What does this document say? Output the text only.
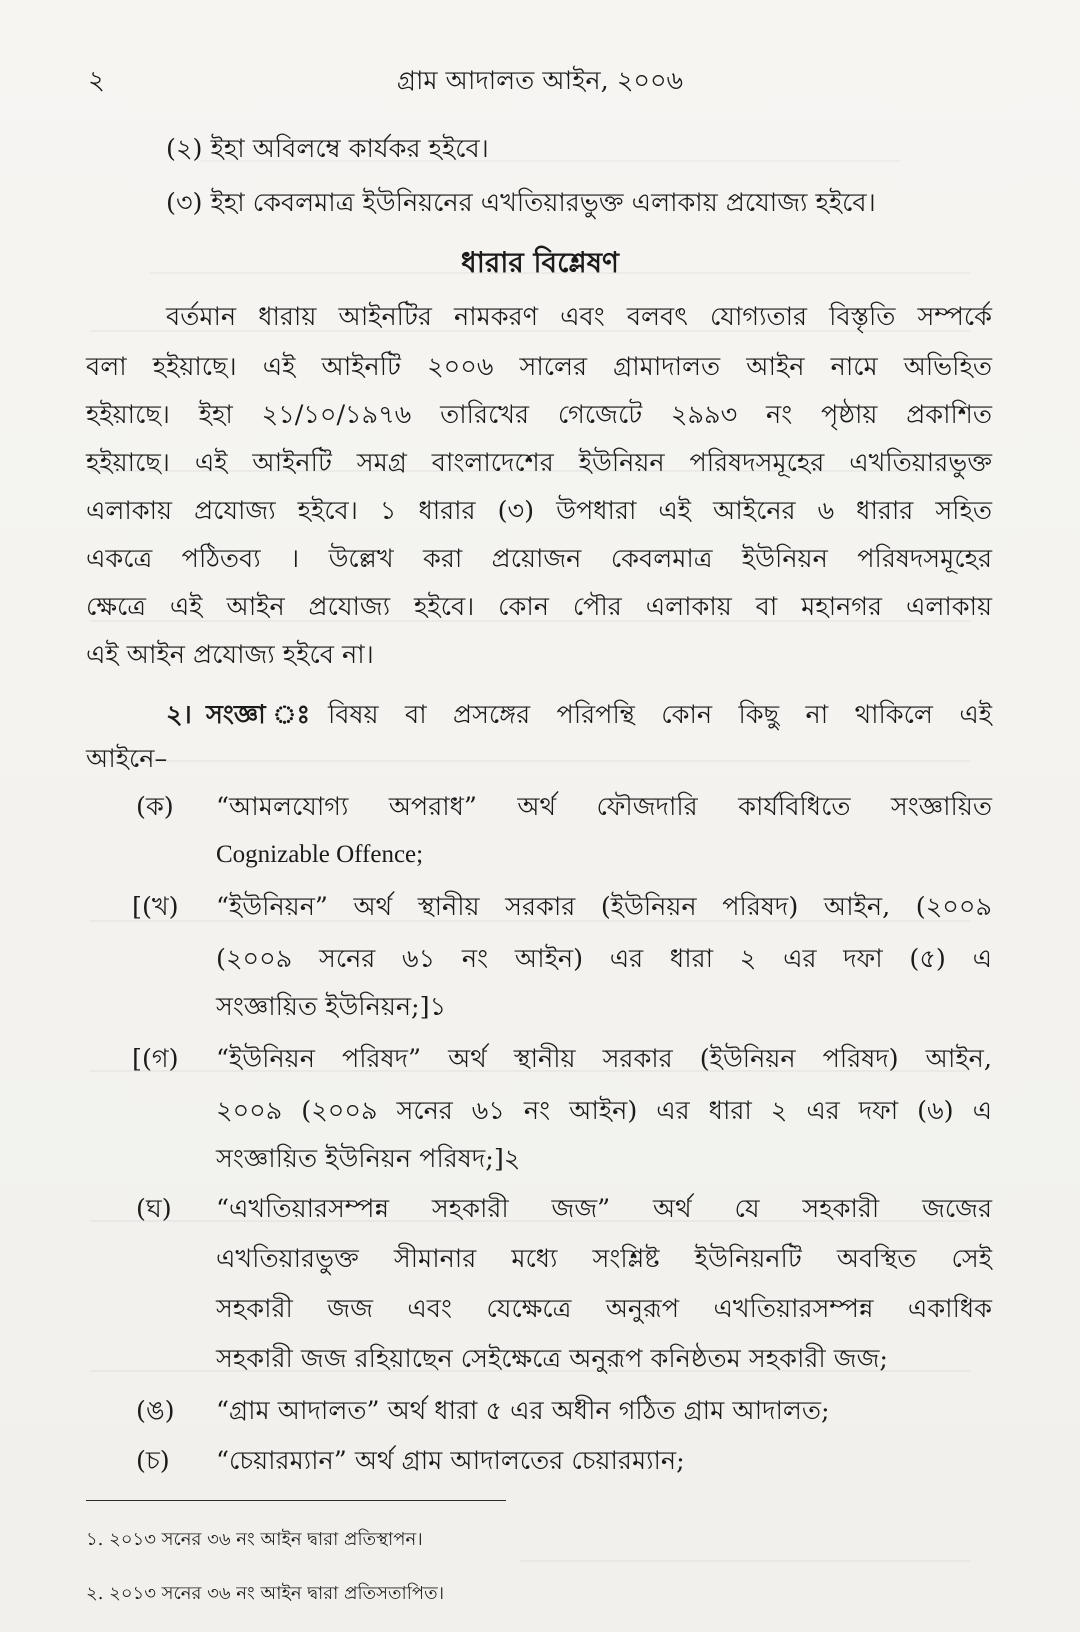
২	গ্রাম আদালত আইন, ২০০৬
(২) ইহা অবিলম্বে কার্যকর হইবে।
(৩) ইহা কেবলমাত্র ইউনিয়নের এখতিয়ারভুক্ত এলাকায় প্রযোজ্য হইবে।
ধারার বিশ্লেষণ
বর্তমান ধারায় আইনটির নামকরণ এবং বলবৎ যোগ্যতার বিস্তৃতি সম্পর্কে
বলা হইয়াছে। এই আইনটি ২০০৬ সালের গ্রামাদালত আইন নামে অভিহিত
হইয়াছে। ইহা ২১/১০/১৯৭৬ তারিখের গেজেটে ২৯৯৩ নং পৃষ্ঠায় প্রকাশিত
হইয়াছে। এই আইনটি সমগ্র বাংলাদেশের ইউনিয়ন পরিষদসমূহের এখতিয়ারভুক্ত
এলাকায় প্রযোজ্য হইবে। ১ ধারার (৩) উপধারা এই আইনের ৬ ধারার সহিত
একত্রে পঠিতব্য । উল্লেখ করা প্রয়োজন কেবলমাত্র ইউনিয়ন পরিষদসমূহের
ক্ষেত্রে এই আইন প্রযোজ্য হইবে। কোন পৌর এলাকায় বা মহানগর এলাকায়
এই আইন প্রযোজ্য হইবে না।
২। সংজ্ঞা ঃ বিষয় বা প্রসঙ্গের পরিপন্থি কোন কিছু না থাকিলে এই
আইনে–
(ক) “আমলযোগ্য অপরাধ” অর্থ ফৌজদারি কার্যবিধিতে সংজ্ঞায়িত
Cognizable Offence;
[(খ) “ইউনিয়ন” অর্থ স্থানীয় সরকার (ইউনিয়ন পরিষদ) আইন, (২০০৯
(২০০৯ সনের ৬১ নং আইন) এর ধারা ২ এর দফা (৫) এ
সংজ্ঞায়িত ইউনিয়ন;]১
[(গ) “ইউনিয়ন পরিষদ” অর্থ স্থানীয় সরকার (ইউনিয়ন পরিষদ) আইন,
২০০৯ (২০০৯ সনের ৬১ নং আইন) এর ধারা ২ এর দফা (৬) এ
সংজ্ঞায়িত ইউনিয়ন পরিষদ;]২
(ঘ) “এখতিয়ারসম্পন্ন সহকারী জজ” অর্থ যে সহকারী জজের
এখতিয়ারভুক্ত সীমানার মধ্যে সংশ্লিষ্ট ইউনিয়নটি অবস্থিত সেই
সহকারী জজ এবং যেক্ষেত্রে অনুরূপ এখতিয়ারসম্পন্ন একাধিক
সহকারী জজ রহিয়াছেন সেইক্ষেত্রে অনুরূপ কনিষ্ঠতম সহকারী জজ;
(ঙ) “গ্রাম আদালত” অর্থ ধারা ৫ এর অধীন গঠিত গ্রাম আদালত;
(চ) “চেয়ারম্যান” অর্থ গ্রাম আদালতের চেয়ারম্যান;
১. ২০১৩ সনের ৩৬ নং আইন দ্বারা প্রতিস্থাপন।
২. ২০১৩ সনের ৩৬ নং আইন দ্বারা প্রতিসতাপিত।
